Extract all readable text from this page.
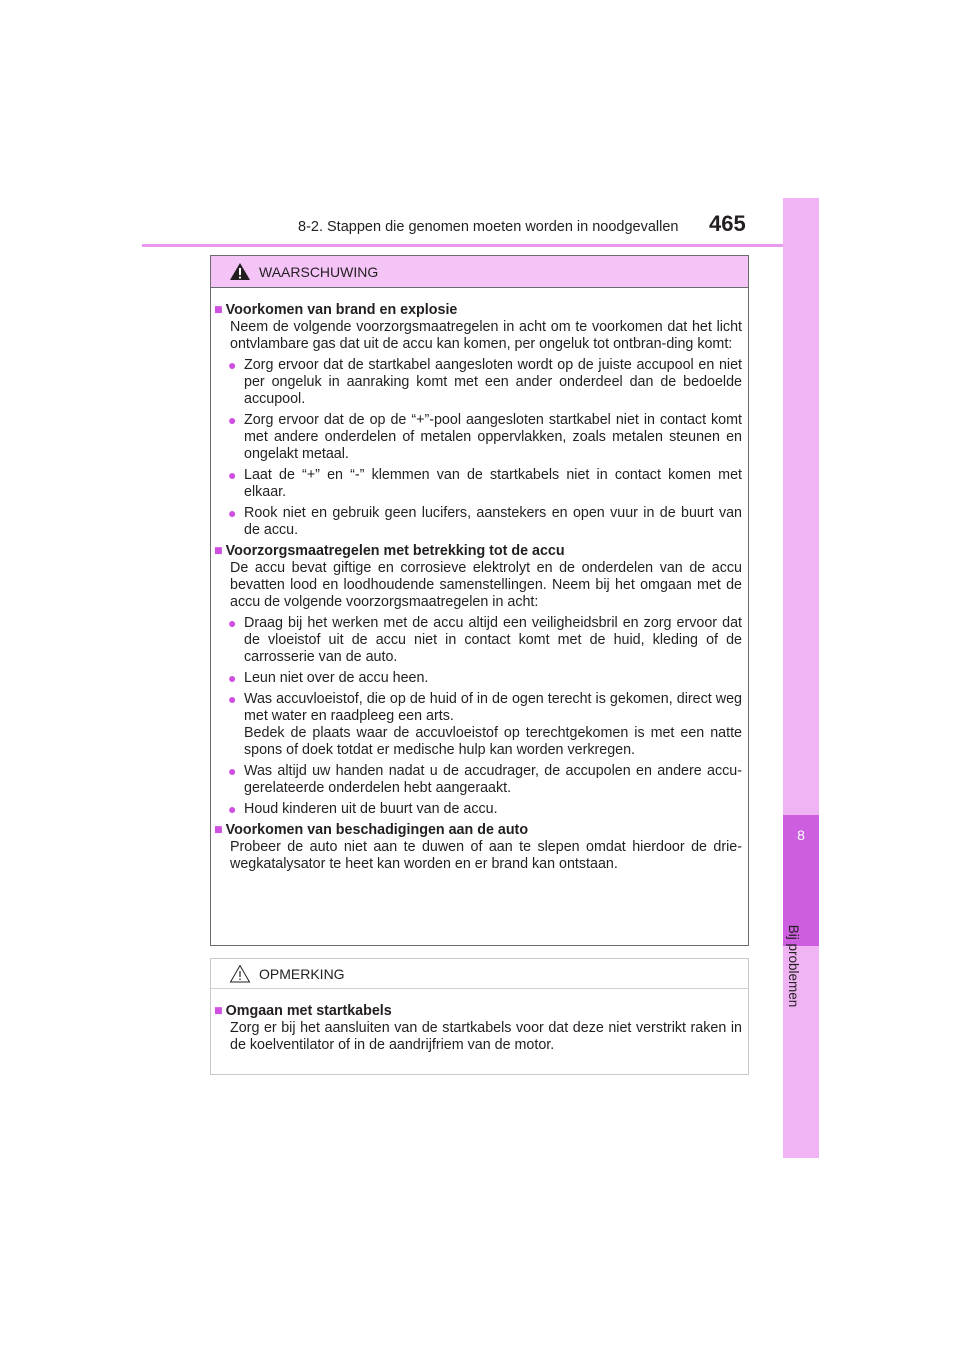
8-2. Stappen die genomen moeten worden in noodgevallen 465
8
Bij problemen
WAARSCHUWING
■ Voorkomen van brand en explosie
Neem de volgende voorzorgsmaatregelen in acht om te voorkomen dat het licht ontvlambare gas dat uit de accu kan komen, per ongeluk tot ontbran-ding komt:
● Zorg ervoor dat de startkabel aangesloten wordt op de juiste accupool en niet per ongeluk in aanraking komt met een ander onderdeel dan de bedoelde accupool.
● Zorg ervoor dat de op de “+”-pool aangesloten startkabel niet in contact komt met andere onderdelen of metalen oppervlakken, zoals metalen steunen en ongelakt metaal.
● Laat de “+” en “-” klemmen van de startkabels niet in contact komen met elkaar.
● Rook niet en gebruik geen lucifers, aanstekers en open vuur in de buurt van de accu.
■ Voorzorgsmaatregelen met betrekking tot de accu
De accu bevat giftige en corrosieve elektrolyt en de onderdelen van de accu bevatten lood en loodhoudende samenstellingen. Neem bij het omgaan met de accu de volgende voorzorgsmaatregelen in acht:
● Draag bij het werken met de accu altijd een veiligheidsbril en zorg ervoor dat de vloeistof uit de accu niet in contact komt met de huid, kleding of de carrosserie van de auto.
● Leun niet over de accu heen.
● Was accuvloeistof, die op de huid of in de ogen terecht is gekomen, direct weg met water en raadpleeg een arts.
Bedek de plaats waar de accuvloeistof op terechtgekomen is met een natte spons of doek totdat er medische hulp kan worden verkregen.
● Was altijd uw handen nadat u de accudrager, de accupolen en andere accu-gerelateerde onderdelen hebt aangeraakt.
● Houd kinderen uit de buurt van de accu.
■ Voorkomen van beschadigingen aan de auto
Probeer de auto niet aan te duwen of aan te slepen omdat hierdoor de drie-wegkatalysator te heet kan worden en er brand kan ontstaan.
OPMERKING
■ Omgaan met startkabels
Zorg er bij het aansluiten van de startkabels voor dat deze niet verstrikt raken in de koelventilator of in de aandrijfriem van de motor.
